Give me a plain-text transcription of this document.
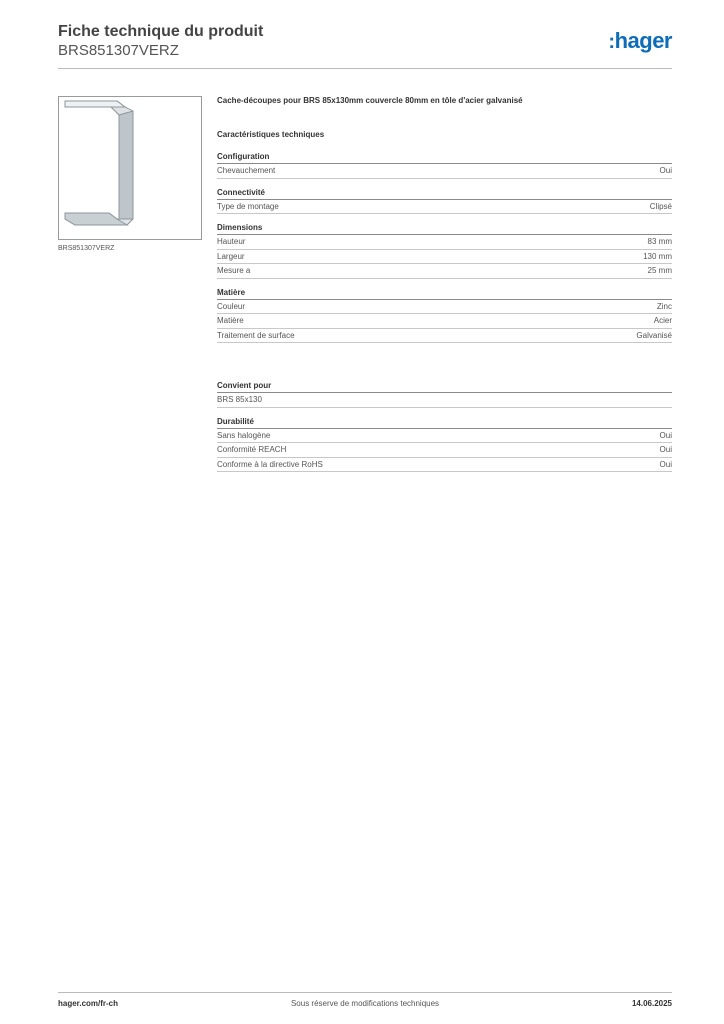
Fiche technique du produit
BRS851307VERZ	:hager
BRS851307VERZ
Cache-découpes pour BRS 85x130mm couvercle 80mm en tôle d'acier galvanisé
Caractéristiques techniques
Configuration
Chevauchement	Oui
Connectivité
Type de montage	Clipsé
Dimensions
Hauteur	83 mm
Largeur	130 mm
Mesure a	25 mm
Matière
Couleur	Zinc
Matière	Acier
Traitement de surface	Galvanisé
Convient pour
BRS 85x130
Durabilité
Sans halogène	Oui
Conformité REACH	Oui
Conforme à la directive RoHS	Oui
hager.com/fr-ch	Sous réserve de modifications techniques	14.06.2025
